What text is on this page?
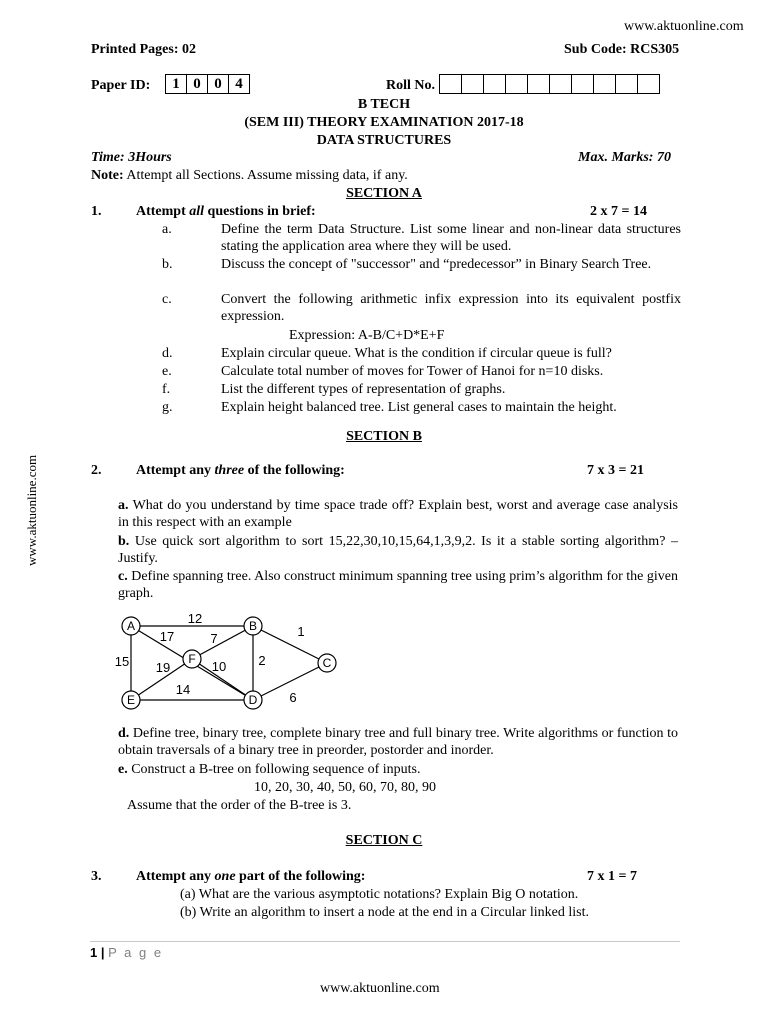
www.aktuonline.com
Printed Pages: 02	Sub Code: RCS305
Paper ID:	1 0 0 4	Roll No.
B TECH
(SEM III) THEORY EXAMINATION 2017-18
DATA STRUCTURES
Time: 3Hours	Max. Marks: 70
Note: Attempt all Sections. Assume missing data, if any.
SECTION A
1. Attempt all questions in brief:	2 x 7 = 14
a.	Define the term Data Structure. List some linear and non-linear data structures stating the application area where they will be used.
b.	Discuss the concept of "successor" and “predecessor” in Binary Search Tree.
c.	Convert the following arithmetic infix expression into its equivalent postfix expression.
Expression: A-B/C+D*E+F
d.	Explain circular queue. What is the condition if circular queue is full?
e.	Calculate total number of moves for Tower of Hanoi for n=10 disks.
f.	List the different types of representation of graphs.
g.	Explain height balanced tree. List general cases to maintain the height.
www.aktuonline.com
SECTION B
2. Attempt any three of the following:	7 x 3 = 21
a. What do you understand by time space trade off? Explain best, worst and average case analysis in this respect with an example
b. Use quick sort algorithm to sort 15,22,30,10,15,64,1,3,9,2. Is it a stable sorting algorithm? – Justify.
c. Define spanning tree. Also construct minimum spanning tree using prim’s algorithm for the given graph.
A	B
C
D
E
F
12
17	7	1
15 19	10 2
14
6
d. Define tree, binary tree, complete binary tree and full binary tree. Write algorithms or function to obtain traversals of a binary tree in preorder, postorder and inorder.
e. Construct a B-tree on following sequence of inputs.
10, 20, 30, 40, 50, 60, 70, 80, 90
Assume that the order of the B-tree is 3.
SECTION C
3. Attempt any one part of the following:	7 x 1 = 7
(a) What are the various asymptotic notations? Explain Big O notation.
(b) Write an algorithm to insert a node at the end in a Circular linked list.
1 | P a g e
www.aktuonline.com
